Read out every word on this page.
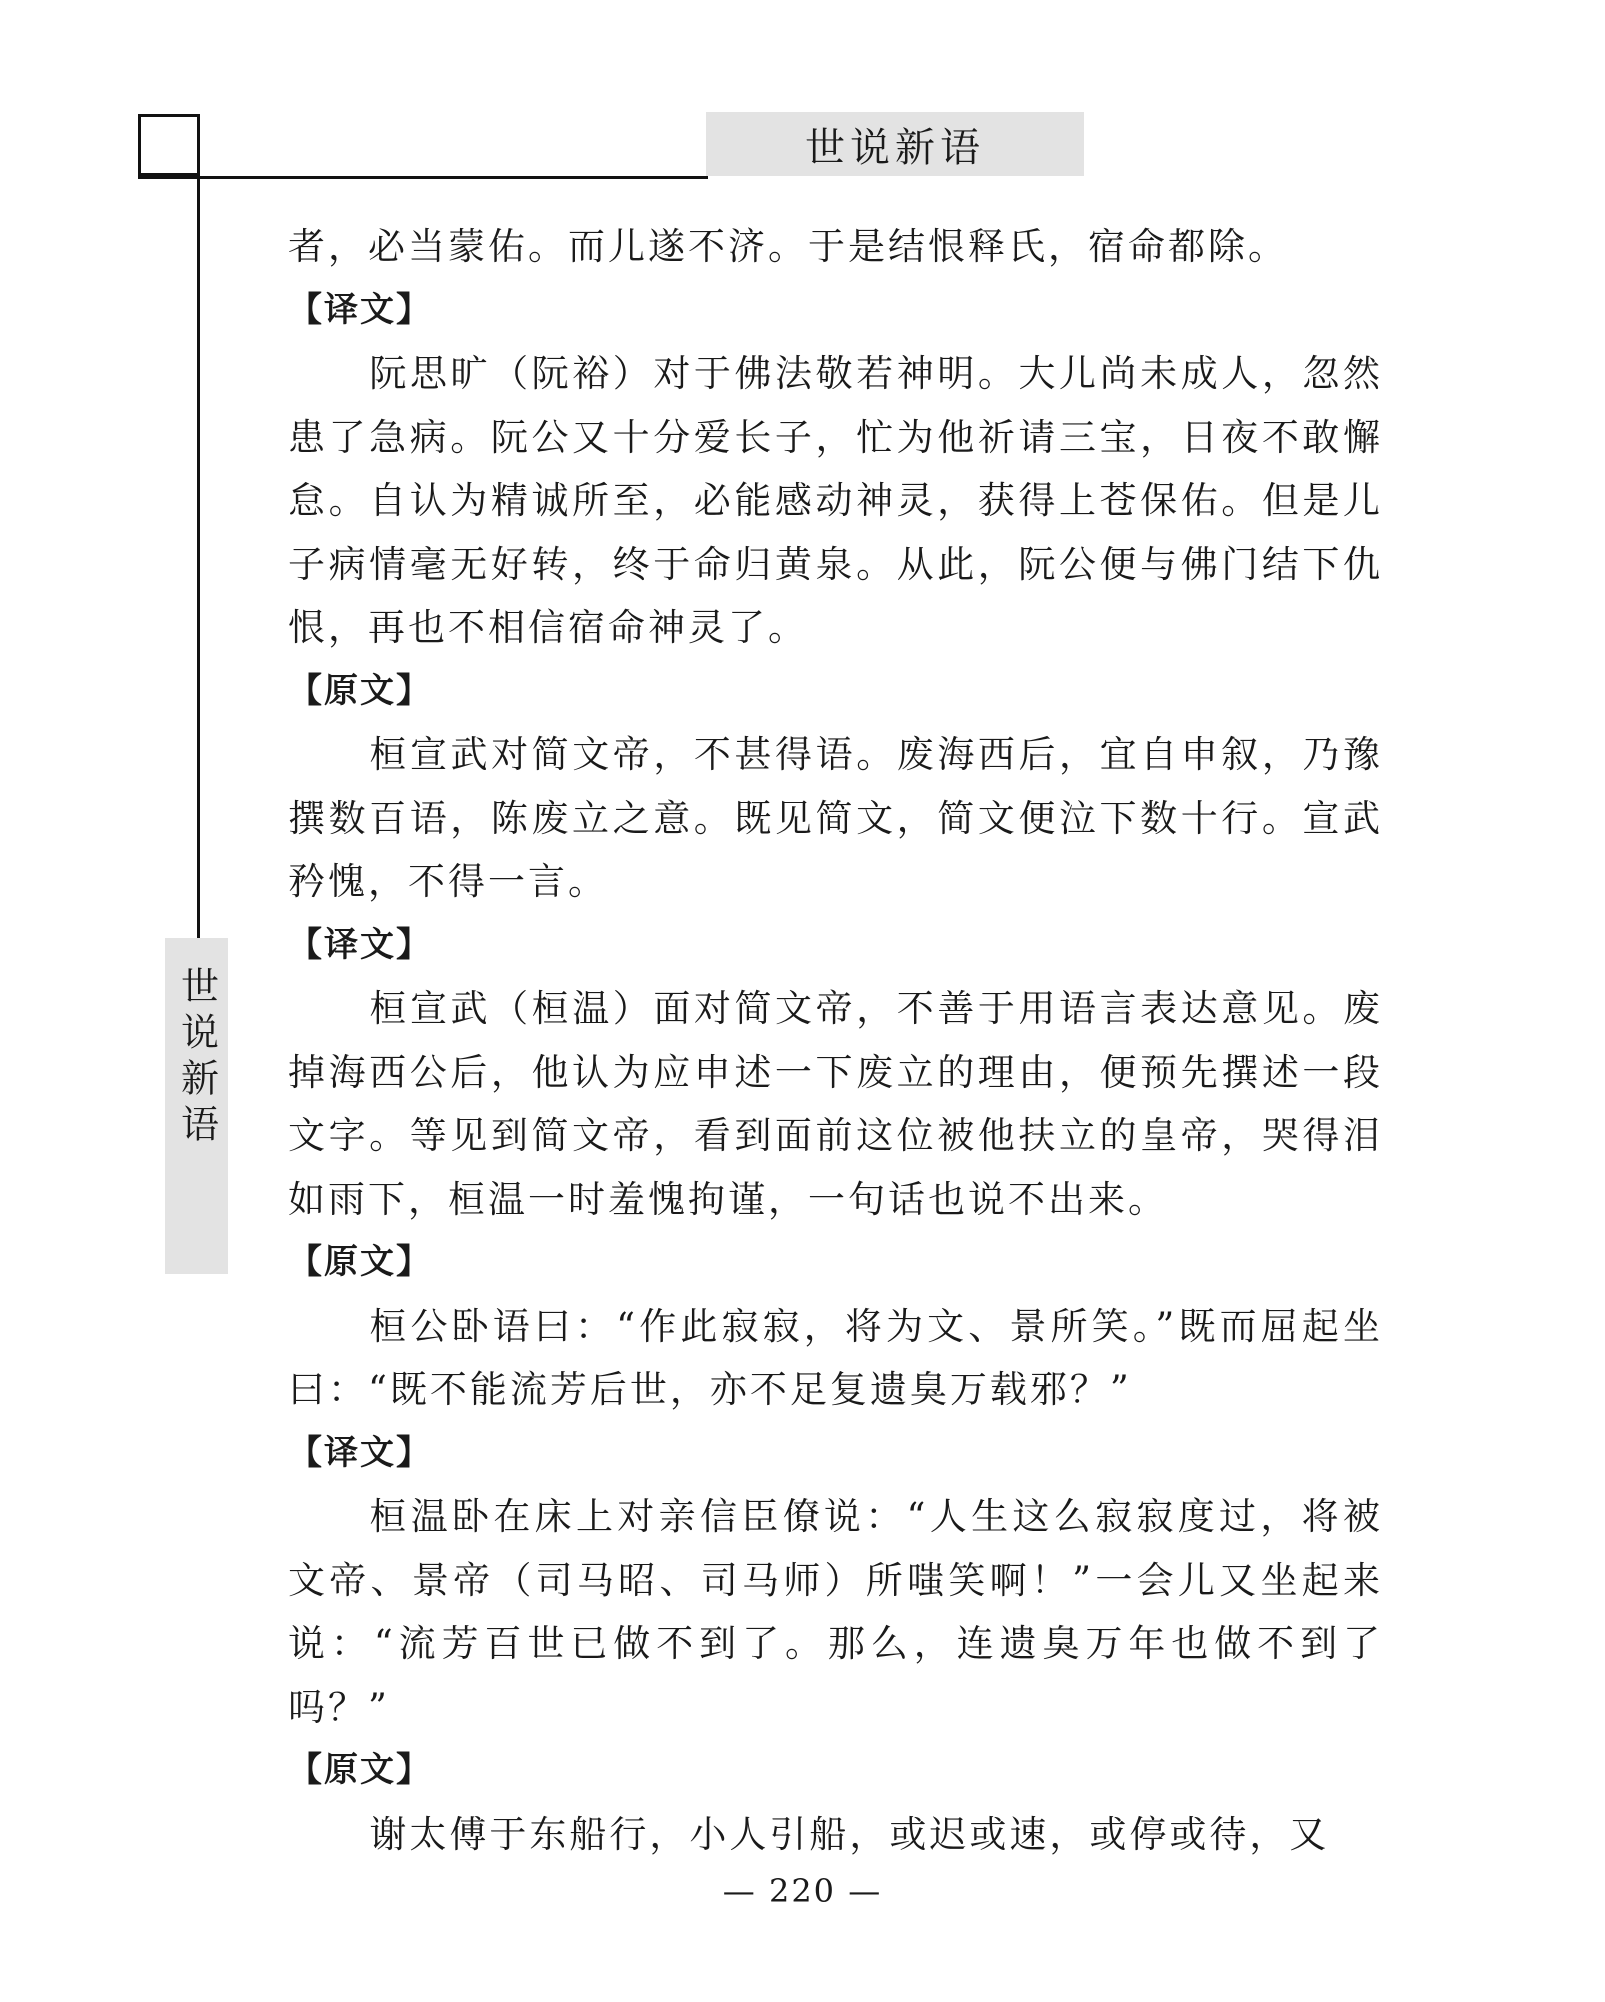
世说新语
世说新语

者，必当蒙佑。而儿遂不济。于是结恨释氏，宿命都除。

【译文】

阮思旷（阮裕）对于佛法敬若神明。大儿尚未成人，忽然患了急病。阮公又十分爱长子，忙为他祈请三宝，日夜不敢懈怠。自认为精诚所至，必能感动神灵，获得上苍保佑。但是儿子病情毫无好转，终于命归黄泉。从此，阮公便与佛门结下仇恨，再也不相信宿命神灵了。

【原文】

桓宣武对简文帝，不甚得语。废海西后，宜自申叙，乃豫撰数百语，陈废立之意。既见简文，简文便泣下数十行。宣武矜愧，不得一言。

【译文】

桓宣武（桓温）面对简文帝，不善于用语言表达意见。废掉海西公后，他认为应申述一下废立的理由，便预先撰述一段文字。等见到简文帝，看到面前这位被他扶立的皇帝，哭得泪如雨下，桓温一时羞愧拘谨，一句话也说不出来。

【原文】

桓公卧语曰：“作此寂寂，将为文、景所笑。”既而屈起坐曰：“既不能流芳后世，亦不足复遗臭万载邪？”

【译文】

桓温卧在床上对亲信臣僚说：“人生这么寂寂度过，将被文帝、景帝（司马昭、司马师）所嗤笑啊！”一会儿又坐起来说：“流芳百世已做不到了。那么，连遗臭万年也做不到了吗？”

【原文】

谢太傅于东船行，小人引船，或迟或速，或停或待，又

— 220 —
